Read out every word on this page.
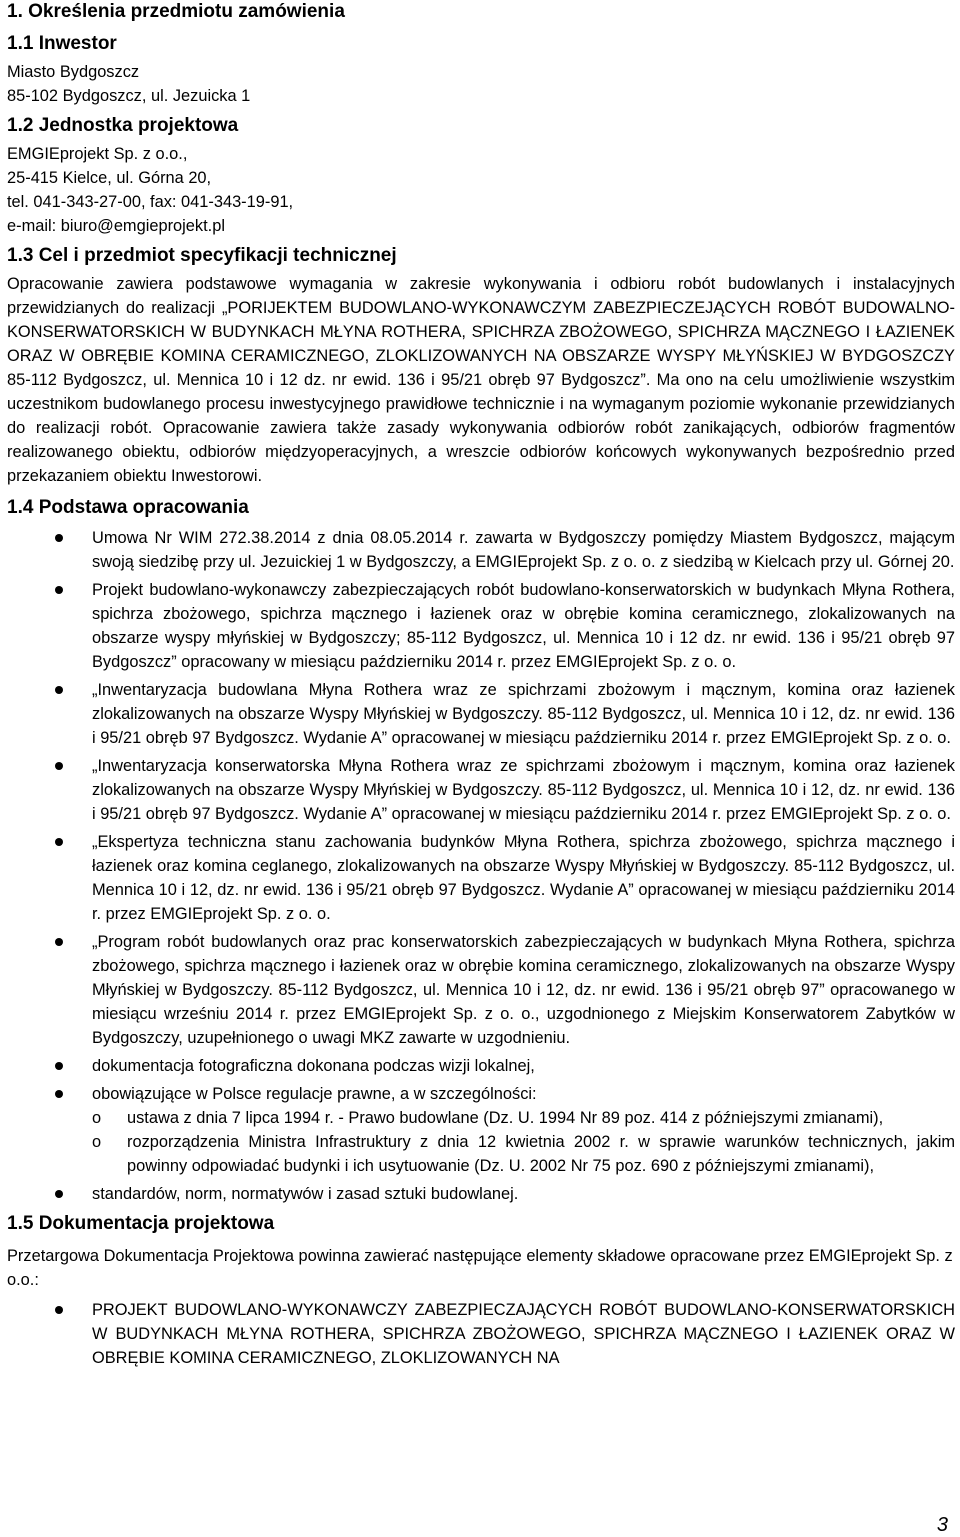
1. Określenia przedmiotu zamówienia
1.1 Inwestor

Miasto Bydgoszcz

85-102 Bydgoszcz, ul. Jezuicka 1

1.2 Jednostka projektowa

EMGIEprojekt Sp. z o.o.,

25-415 Kielce, ul. Górna 20,

tel. 041-343-27-00, fax: 041-343-19-91,

e-mail: biuro@emgieprojekt.pl

1.3 Cel i przedmiot specyfikacji technicznej

Opracowanie zawiera podstawowe wymagania w zakresie wykonywania i odbioru robót budowlanych i instalacyjnych przewidzianych do realizacji „PORIJEKTEM BUDOWLANO-WYKONAWCZYM ZABEZPIECZEJĄCYCH ROBÓT BUDOWALNO-KONSERWATORSKICH W BUDYNKACH MŁYNA ROTHERA, SPICHRZA ZBOŻOWEGO, SPICHRZA MĄCZNEGO I ŁAZIENEK ORAZ W OBRĘBIE KOMINA CERAMICZNEGO, ZLOKLIZOWANYCH NA OBSZARZE WYSPY MŁYŃSKIEJ W BYDGOSZCZY 85-112 Bydgoszcz, ul. Mennica 10 i 12 dz. nr ewid. 136 i 95/21 obręb 97 Bydgoszcz”. Ma ono na celu umożliwienie wszystkim uczestnikom budowlanego procesu inwestycyjnego prawidłowe technicznie i na wymaganym poziomie wykonanie przewidzianych do realizacji robót. Opracowanie zawiera także zasady wykonywania odbiorów robót zanikających, odbiorów fragmentów realizowanego obiektu, odbiorów międzyoperacyjnych, a wreszcie odbiorów końcowych wykonywanych bezpośrednio przed przekazaniem obiektu Inwestorowi.

1.4 Podstawa opracowania
Umowa Nr WIM 272.38.2014 z dnia 08.05.2014 r. zawarta w Bydgoszczy pomiędzy Miastem Bydgoszcz, mającym swoją siedzibę przy ul. Jezuickiej 1 w Bydgoszczy, a EMGIEprojekt Sp. z o. o. z siedzibą w Kielcach przy ul. Górnej 20.
Projekt budowlano-wykonawczy zabezpieczających robót budowlano-konserwatorskich w budynkach Młyna Rothera, spichrza zbożowego, spichrza mącznego i łazienek oraz w obrębie komina ceramicznego, zlokalizowanych na obszarze wyspy młyńskiej w Bydgoszczy; 85-112 Bydgoszcz, ul. Mennica 10 i 12 dz. nr ewid. 136 i 95/21 obręb 97 Bydgoszcz” opracowany w miesiącu październiku 2014 r. przez EMGIEprojekt Sp. z o. o.
„Inwentaryzacja budowlana Młyna Rothera wraz ze spichrzami zbożowym i mącznym, komina oraz łazienek zlokalizowanych na obszarze Wyspy Młyńskiej w Bydgoszczy. 85-112 Bydgoszcz, ul. Mennica 10 i 12, dz. nr ewid. 136 i 95/21 obręb 97 Bydgoszcz. Wydanie A” opracowanej w miesiącu październiku 2014 r. przez EMGIEprojekt Sp. z o. o.
„Inwentaryzacja konserwatorska Młyna Rothera wraz ze spichrzami zbożowym i mącznym, komina oraz łazienek zlokalizowanych na obszarze Wyspy Młyńskiej w Bydgoszczy. 85-112 Bydgoszcz, ul. Mennica 10 i 12, dz. nr ewid. 136 i 95/21 obręb 97 Bydgoszcz. Wydanie A” opracowanej w miesiącu październiku 2014 r. przez EMGIEprojekt Sp. z o. o.
„Ekspertyza techniczna stanu zachowania budynków Młyna Rothera, spichrza zbożowego, spichrza mącznego i łazienek oraz komina ceglanego, zlokalizowanych na obszarze Wyspy Młyńskiej w Bydgoszczy. 85-112 Bydgoszcz, ul. Mennica 10 i 12, dz. nr ewid. 136 i 95/21 obręb 97 Bydgoszcz. Wydanie A” opracowanej w miesiącu październiku 2014 r. przez EMGIEprojekt Sp. z o. o.
„Program robót budowlanych oraz prac konserwatorskich zabezpieczających w budynkach Młyna Rothera, spichrza zbożowego, spichrza mącznego i łazienek oraz w obrębie komina ceramicznego, zlokalizowanych na obszarze Wyspy Młyńskiej w Bydgoszczy. 85-112 Bydgoszcz, ul. Mennica 10 i 12, dz. nr ewid. 136 i 95/21 obręb 97” opracowanego w miesiącu wrześniu 2014 r. przez EMGIEprojekt Sp. z o. o., uzgodnionego z Miejskim Konserwatorem Zabytków w Bydgoszczy, uzupełnionego o uwagi MKZ zawarte w uzgodnieniu.
dokumentacja fotograficzna dokonana podczas wizji lokalnej,
obowiązujące w Polsce regulacje prawne, a w szczególności:
o ustawa z dnia 7 lipca 1994 r. - Prawo budowlane (Dz. U. 1994 Nr 89 poz. 414 z późniejszymi zmianami),
o rozporządzenia Ministra Infrastruktury z dnia 12 kwietnia 2002 r. w sprawie warunków technicznych, jakim powinny odpowiadać budynki i ich usytuowanie (Dz. U. 2002 Nr 75 poz. 690 z późniejszymi zmianami),
standardów, norm, normatywów i zasad sztuki budowlanej.
1.5 Dokumentacja projektowa

Przetargowa Dokumentacja Projektowa powinna zawierać następujące elementy składowe opracowane przez EMGIEprojekt Sp. z o.o.:

PROJEKT BUDOWLANO-WYKONAWCZY ZABEZPIECZAJĄCYCH ROBÓT BUDOWLANO-KONSERWATORSKICH W BUDYNKACH MŁYNA ROTHERA, SPICHRZA ZBOŻOWEGO, SPICHRZA MĄCZNEGO I ŁAZIENEK ORAZ W OBRĘBIE KOMINA CERAMICZNEGO, ZLOKLIZOWANYCH NA
3
